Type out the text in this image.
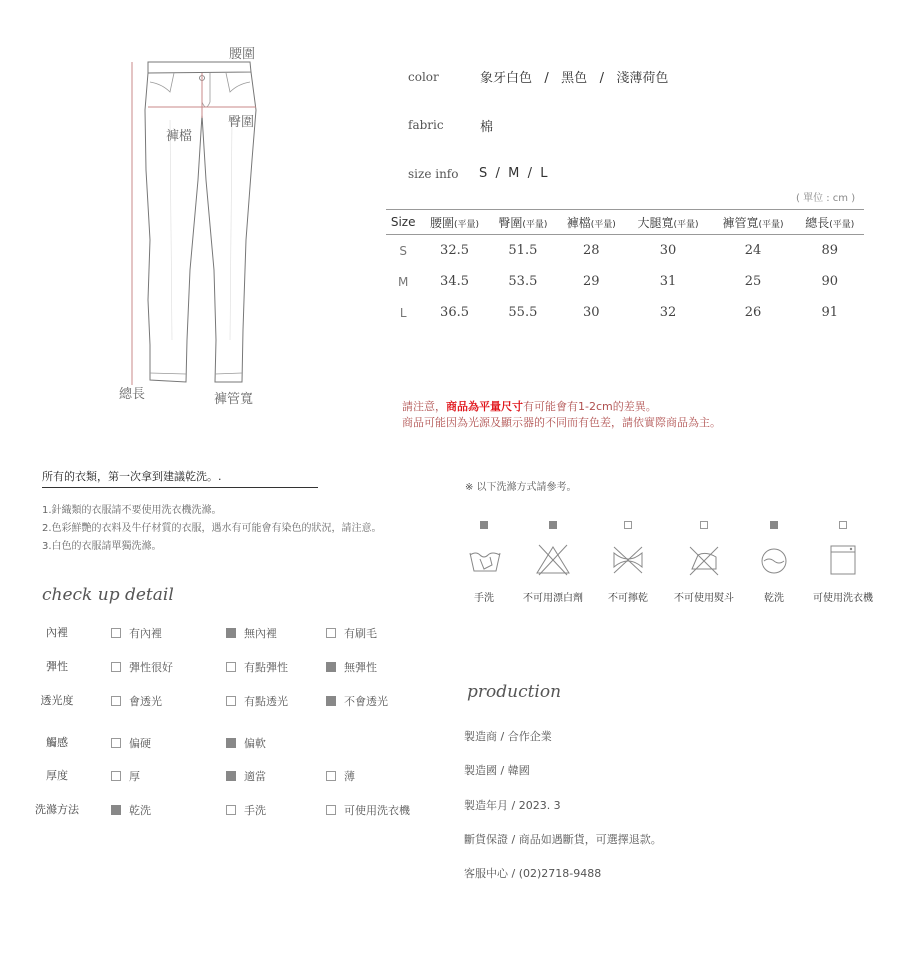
腰圍
臀圍
褲檔
總長	褲管寬
color	象牙白色   /   黑色   /   淺薄荷色
fabric	棉
size info S  /  M  /  L
( 單位 : cm )
Size	腰圍(平量)	臀圍(平量)	褲檔(平量)	大腿寬(平量)	褲管寬(平量)	總長(平量)
S	32.5	51.5	28	30	24	89
M	34.5	53.5	29	31	25	90
L	36.5	55.5	30	32	26	91
請注意，商品為平量尺寸有可能會有1-2cm的差異。
商品可能因為光源及顯示器的不同而有色差，請依實際商品為主。
所有的衣類，第一次拿到建議乾洗。.
1.針織類的衣服請不要使用洗衣機洗滌。
2.色彩鮮艷的衣料及牛仔材質的衣服，遇水有可能會有染色的狀況，請注意。
3.白色的衣服請單獨洗滌。
※ 以下洗滌方式請參考。
手洗	不可用漂白劑	不可擰乾	不可使用熨斗	乾洗	可使用洗衣機
check up detail
內裡	有內裡	無內裡	有刷毛
彈性	彈性很好	有點彈性	無彈性
透光度	會透光	有點透光	不會透光
觸感	偏硬	偏軟
厚度	厚	適當	薄
洗滌方法	乾洗	手洗	可使用洗衣機
production
製造商 / 合作企業
製造國 / 韓國
製造年月 / 2023. 3
斷貨保證 / 商品如遇斷貨，可選擇退款。
客服中心 / (02)2718-9488
